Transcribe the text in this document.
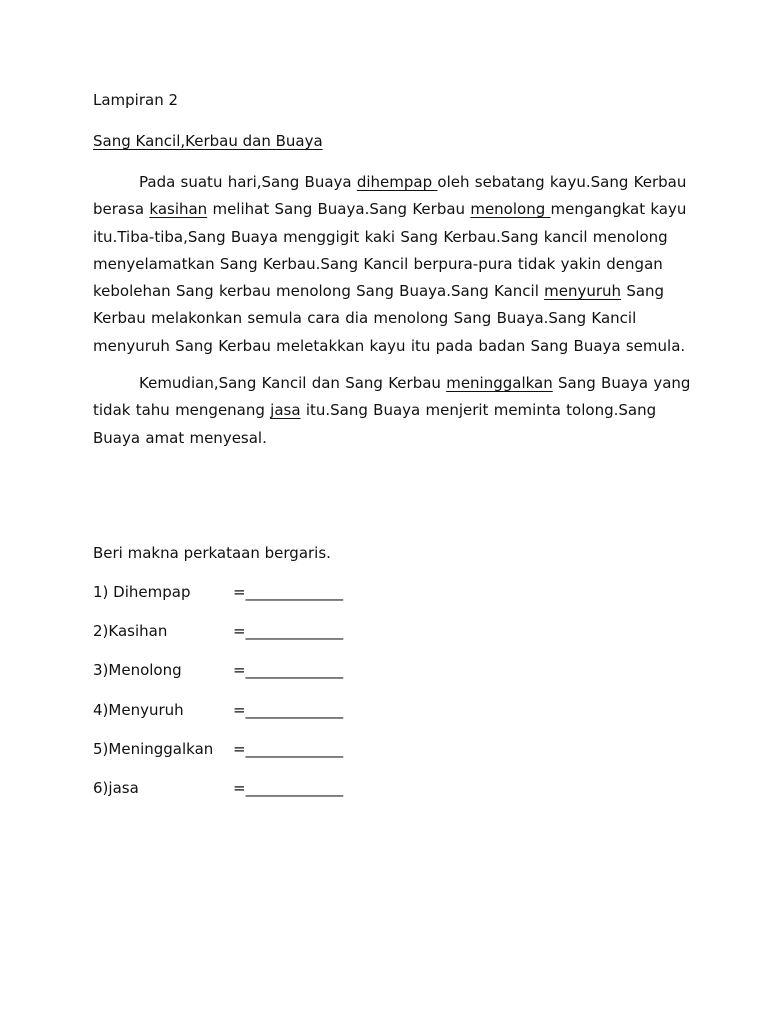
Lampiran 2

Sang Kancil,Kerbau dan Buaya

Pada suatu hari,Sang Buaya dihempap oleh sebatang kayu.Sang Kerbau berasa kasihan melihat Sang Buaya.Sang Kerbau menolong mengangkat kayu itu.Tiba-tiba,Sang Buaya menggigit kaki Sang Kerbau.Sang kancil menolong menyelamatkan Sang Kerbau.Sang Kancil berpura-pura tidak yakin dengan kebolehan Sang kerbau menolong Sang Buaya.Sang Kancil menyuruh Sang Kerbau melakonkan semula cara dia menolong Sang Buaya.Sang Kancil menyuruh Sang Kerbau meletakkan kayu itu pada badan Sang Buaya semula.

Kemudian,Sang Kancil dan Sang Kerbau meninggalkan Sang Buaya yang tidak tahu mengenang jasa itu.Sang Buaya menjerit meminta tolong.Sang Buaya amat menyesal.

Beri makna perkataan bergaris.

1) Dihempap	=_____________
2)Kasihan	=_____________
3)Menolong	=_____________
4)Menyuruh	=_____________
5)Meninggalkan	=_____________
6)jasa	=_____________
